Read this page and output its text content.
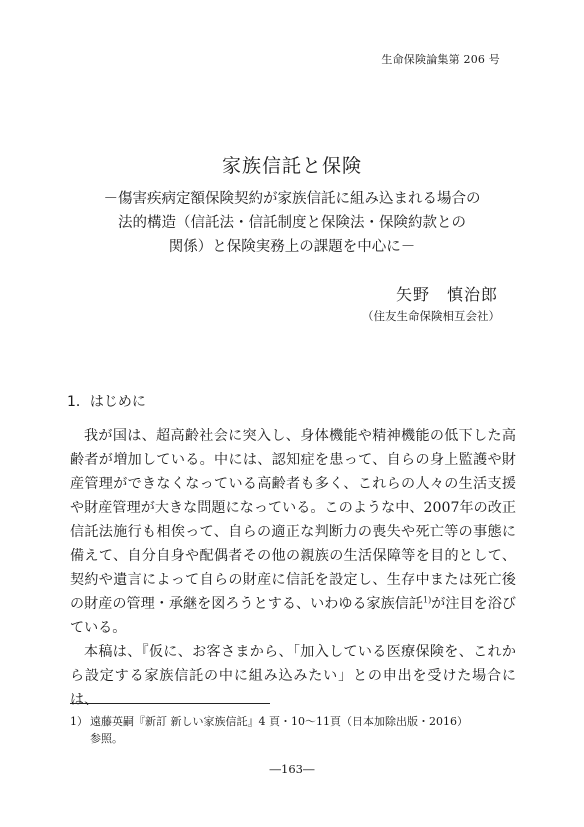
生命保険論集第 206 号
家族信託と保険
－傷害疾病定額保険契約が家族信託に組み込まれる場合の
法的構造（信託法・信託制度と保険法・保険約款との
関係）と保険実務上の課題を中心に－
矢野　慎治郎
（住友生命保険相互会社）
1．はじめに

我が国は、超高齢社会に突入し、身体機能や精神機能の低下した高齢者が増加している。中には、認知症を患って、自らの身上監護や財産管理ができなくなっている高齢者も多く、これらの人々の生活支援や財産管理が大きな問題になっている。このような中、2007年の改正信託法施行も相俟って、自らの適正な判断力の喪失や死亡等の事態に備えて、自分自身や配偶者その他の親族の生活保障等を目的として、契約や遺言によって自らの財産に信託を設定し、生存中または死亡後の財産の管理・承継を図ろうとする、いわゆる家族信託$^{1)}$が注目を浴びている。

本稿は、『仮に、お客さまから、「加入している医療保険を、これから設定する家族信託の中に組み込みたい」との申出を受けた場合には、

1） 遠藤英嗣『新訂 新しい家族信託』4 頁・10～11頁（日本加除出版・2016）
参照。
―163―
